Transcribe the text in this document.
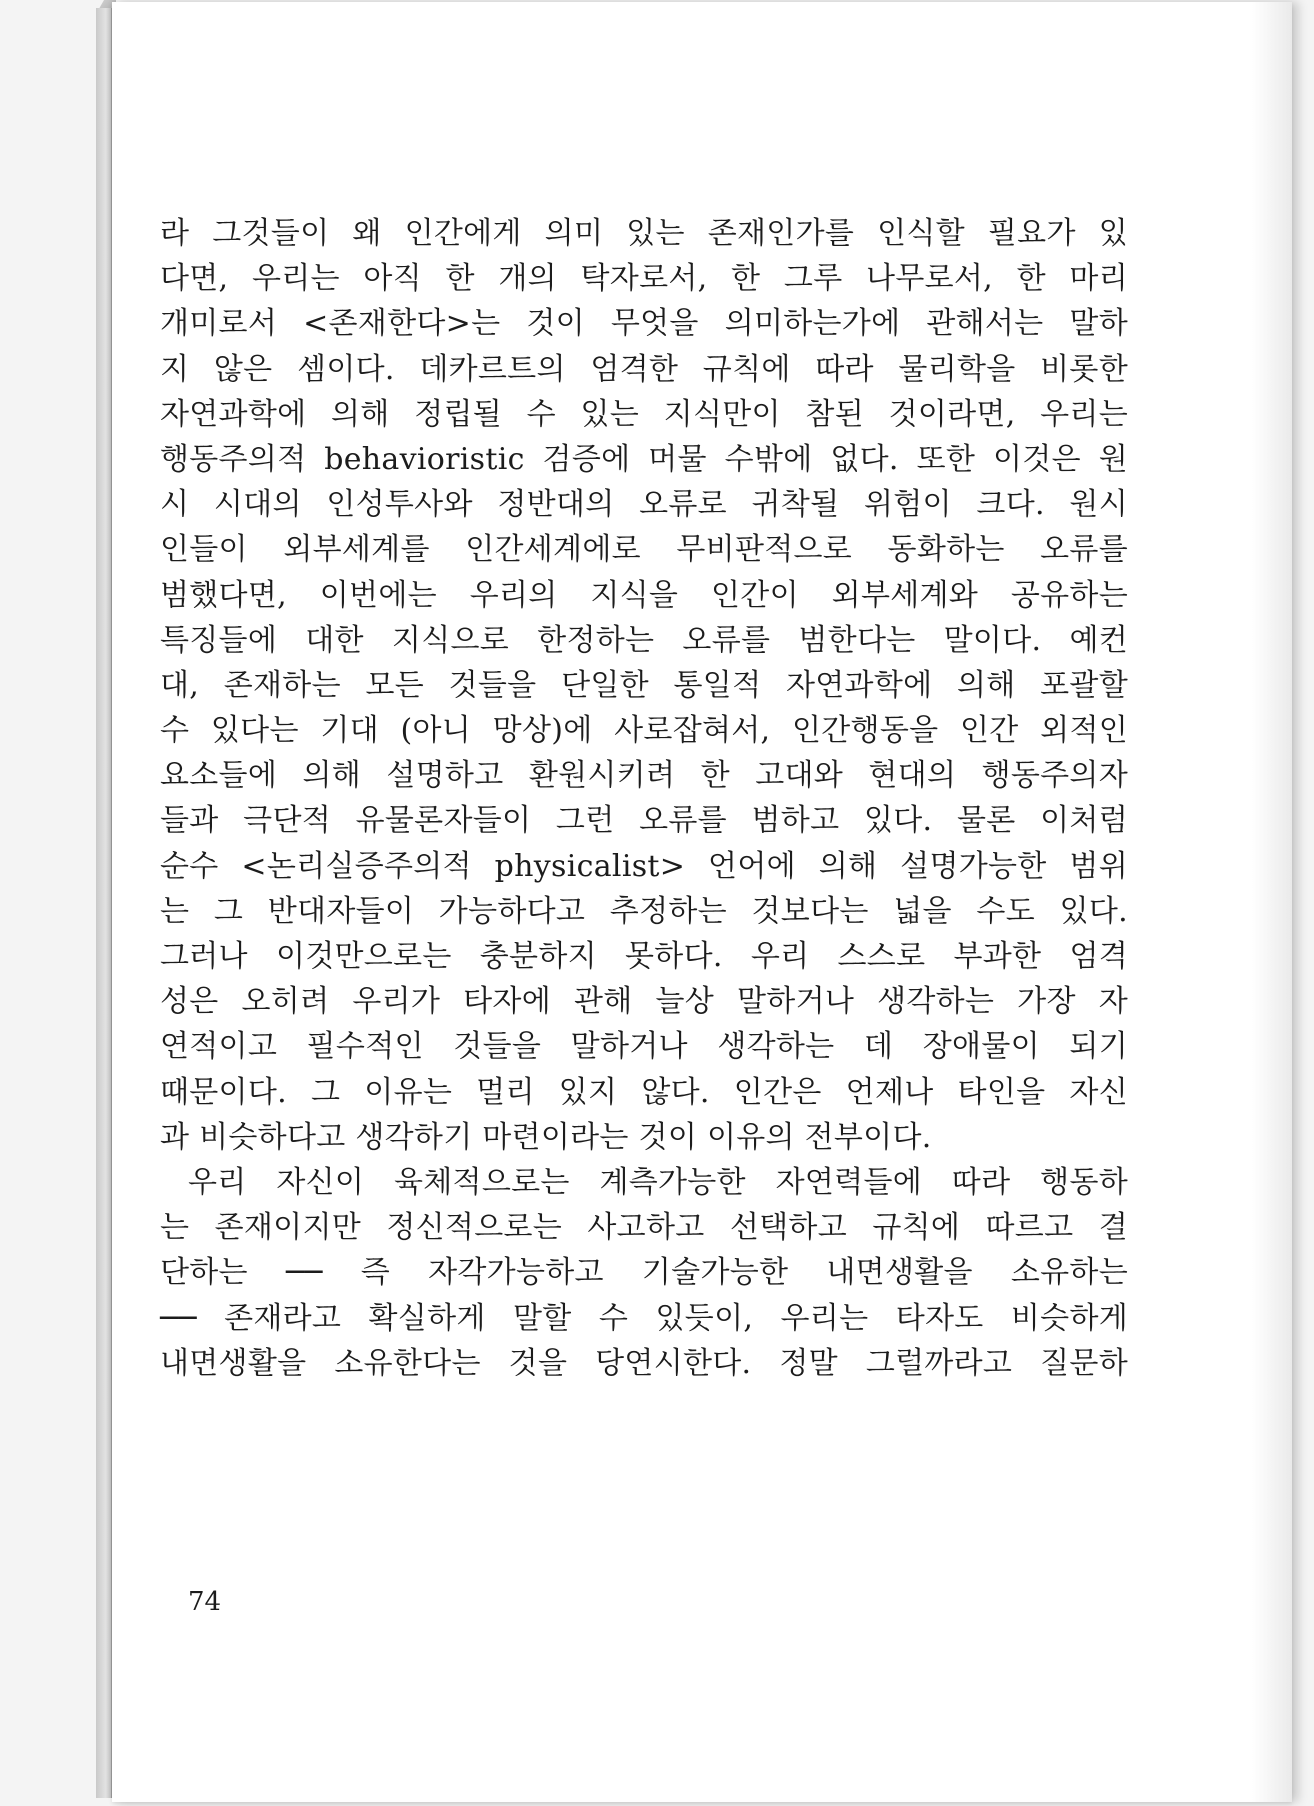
라 그것들이 왜 인간에게 의미 있는 존재인가를 인식할 필요가 있
다면, 우리는 아직 한 개의 탁자로서, 한 그루 나무로서, 한 마리
개미로서 <존재한다>는 것이 무엇을 의미하는가에 관해서는 말하
지 않은 셈이다. 데카르트의 엄격한 규칙에 따라 물리학을 비롯한
자연과학에 의해 정립될 수 있는 지식만이 참된 것이라면, 우리는
행동주의적 behavioristic 검증에 머물 수밖에 없다. 또한 이것은 원
시 시대의 인성투사와 정반대의 오류로 귀착될 위험이 크다. 원시
인들이 외부세계를 인간세계에로 무비판적으로 동화하는 오류를
범했다면, 이번에는 우리의 지식을 인간이 외부세계와 공유하는
특징들에 대한 지식으로 한정하는 오류를 범한다는 말이다. 예컨
대, 존재하는 모든 것들을 단일한 통일적 자연과학에 의해 포괄할
수 있다는 기대 (아니 망상)에 사로잡혀서, 인간행동을 인간 외적인
요소들에 의해 설명하고 환원시키려 한 고대와 현대의 행동주의자
들과 극단적 유물론자들이 그런 오류를 범하고 있다. 물론 이처럼
순수 <논리실증주의적 physicalist> 언어에 의해 설명가능한 범위
는 그 반대자들이 가능하다고 추정하는 것보다는 넓을 수도 있다.
그러나 이것만으로는 충분하지 못하다. 우리 스스로 부과한 엄격
성은 오히려 우리가 타자에 관해 늘상 말하거나 생각하는 가장 자
연적이고 필수적인 것들을 말하거나 생각하는 데 장애물이 되기
때문이다. 그 이유는 멀리 있지 않다. 인간은 언제나 타인을 자신
과 비슷하다고 생각하기 마련이라는 것이 이유의 전부이다.
우리 자신이 육체적으로는 계측가능한 자연력들에 따라 행동하
는 존재이지만 정신적으로는 사고하고 선택하고 규칙에 따르고 결
단하는 ── 즉 자각가능하고 기술가능한 내면생활을 소유하는
── 존재라고 확실하게 말할 수 있듯이, 우리는 타자도 비슷하게
내면생활을 소유한다는 것을 당연시한다. 정말 그럴까라고 질문하
74
